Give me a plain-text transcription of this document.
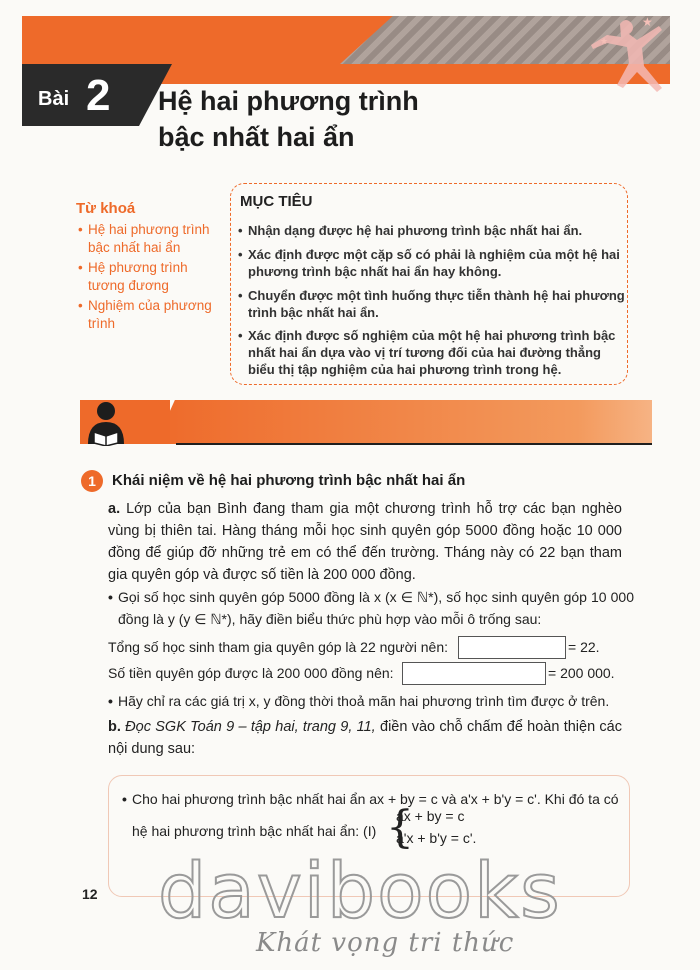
Bài 2 Hệ hai phương trình
bậc nhất hai ẩn
★
★
Từ khoá
• Hệ hai phương trình bậc nhất hai ẩn
• Hệ phương trình tương đương
• Nghiệm của phương trình
MỤC TIÊU
• Nhận dạng được hệ hai phương trình bậc nhất hai ẩn.
• Xác định được một cặp số có phải là nghiệm của một hệ hai phương trình bậc nhất hai ẩn hay không.
• Chuyển được một tình huống thực tiễn thành hệ hai phương trình bậc nhất hai ẩn.
• Xác định được số nghiệm của một hệ hai phương trình bậc nhất hai ẩn dựa vào vị trí tương đối của hai đường thẳng biểu thị tập nghiệm của hai phương trình trong hệ.
1	Khái niệm về hệ hai phương trình bậc nhất hai ẩn
a. Lớp của bạn Bình đang tham gia một chương trình hỗ trợ các bạn nghèo vùng bị thiên tai. Hàng tháng mỗi học sinh quyên góp 5000 đồng hoặc 10 000 đồng để giúp đỡ những trẻ em có thể đến trường. Tháng này có 22 bạn tham gia quyên góp và được số tiền là 200 000 đồng.
• Gọi số học sinh quyên góp 5000 đồng là x (x ∈ ℕ*), số học sinh quyên góp 10 000 đồng là y (y ∈ ℕ*), hãy điền biểu thức phù hợp vào mỗi ô trống sau:
Tổng số học sinh tham gia quyên góp là 22 người nên:	= 22.
Số tiền quyên góp được là 200 000 đồng nên:	= 200 000.
• Hãy chỉ ra các giá trị x, y đồng thời thoả mãn hai phương trình tìm được ở trên.
b. Đọc SGK Toán 9 – tập hai, trang 9, 11, điền vào chỗ chấm để hoàn thiện các nội dung sau:
• Cho hai phương trình bậc nhất hai ẩn ax + by = c và a'x + b'y = c'. Khi đó ta có
hệ hai phương trình bậc nhất hai ẩn: (I) {
ax + by = c
a'x + b'y = c'.
12 davibooks
Khát vọng tri thức
